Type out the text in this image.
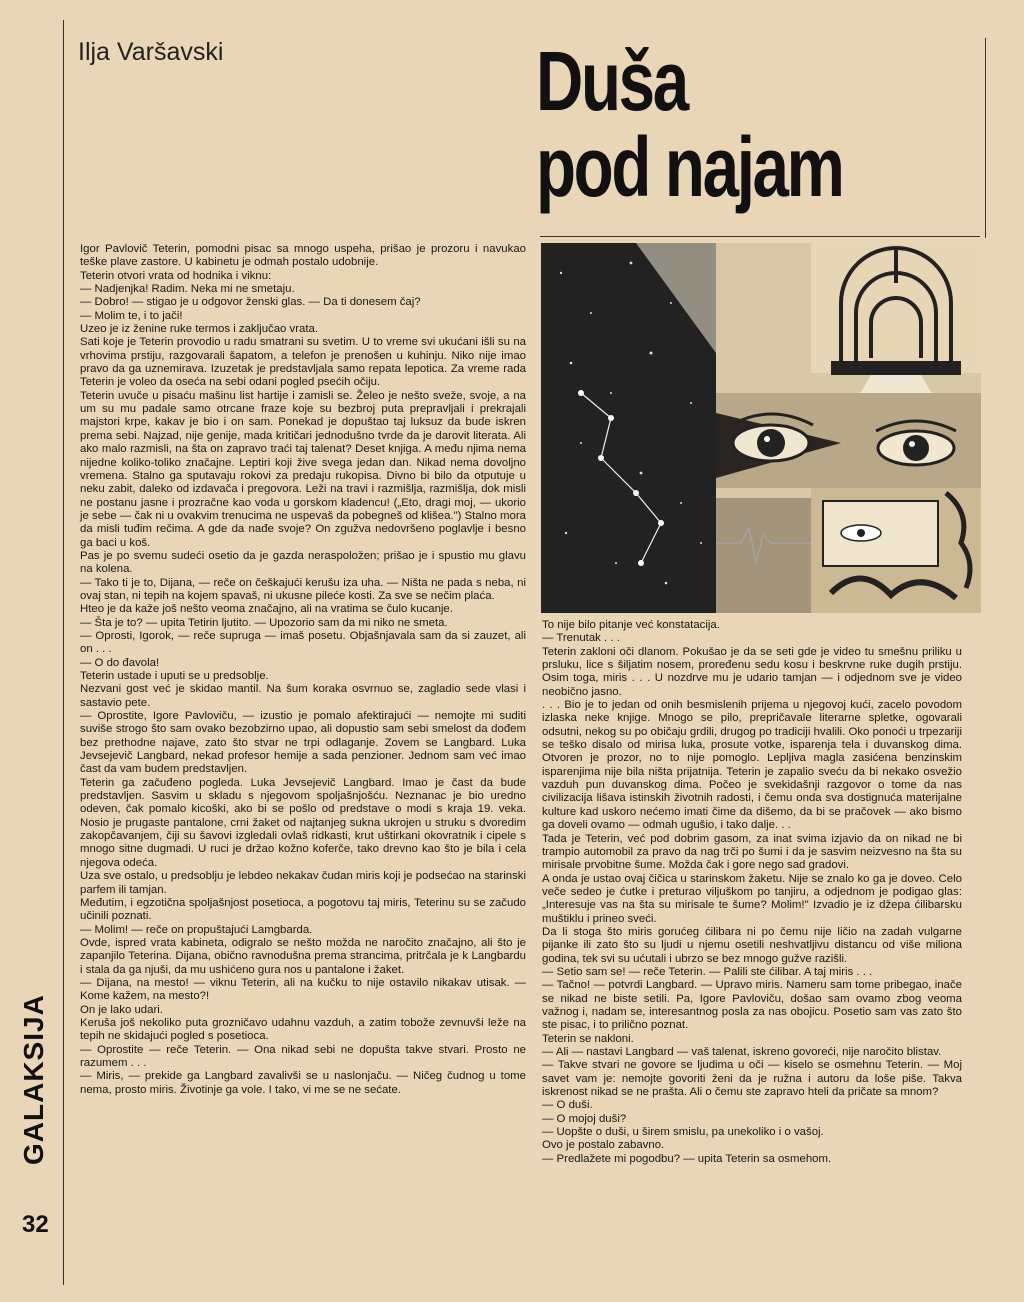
Ilja Varšavski	Duša
pod najam
GALAKSIJA
32

Igor Pavlovič Teterin, pomodni pisac sa mnogo uspeha, prišao je prozoru i navukao teške plave zastore. U kabinetu je odmah postalo udobnije.

Teterin otvori vrata od hodnika i viknu:

— Nadjenjka! Radim. Neka mi ne smetaju.

— Dobro! — stigao je u odgovor ženski glas. — Da ti donesem čaj?

— Molim te, i to jači!

Uzeo je iz ženine ruke termos i zaključao vrata.

Sati koje je Teterin provodio u radu smatrani su svetim. U to vreme svi ukućani išli su na vrhovima prstiju, razgovarali šapatom, a telefon je prenošen u kuhinju. Niko nije imao pravo da ga uznemirava. Izuzetak je predstavljala samo repata lepotica. Za vreme rada Teterin je voleo da oseća na sebi odani pogled psećih očiju.

Teterin uvuče u pisaću mašinu list hartije i zamisli se. Želeo je nešto sveže, svoje, a na um su mu padale samo otrcane fraze koje su bezbroj puta prepravljali i prekrajali majstori krpe, kakav je bio i on sam. Ponekad je dopuštao taj luksuz da bude iskren prema sebi. Najzad, nije genije, mada kritičari jednodušno tvrde da je darovit literata. Ali ako malo razmisli, na šta on zapravo traći taj talenat? Deset knjiga. A među njima nema nijedne koliko-toliko značajne. Leptiri koji žive svega jedan dan. Nikad nema dovoljno vremena. Stalno ga sputavaju rokovi za predaju rukopisa. Divno bi bilo da otputuje u neku zabit, daleko od izdavača i pregovora. Leži na travi i razmišlja, razmišlja, dok misli ne postanu jasne i prozračne kao voda u gorskom kladencu! („Eto, dragi moj, — ukorio je sebe — čak ni u ovakvim trenucima ne uspevaš da pobegneš od klišea.") Stalno mora da misli tuđim rečima. A gde da nađe svoje? On zgužva nedovršeno poglavlje i besno ga baci u koš.

Pas je po svemu sudeći osetio da je gazda neraspoložen; prišao je i spustio mu glavu na kolena.

— Tako ti je to, Dijana, — reče on češkajući kerušu iza uha. — Ništa ne pada s neba, ni ovaj stan, ni tepih na kojem spavaš, ni ukusne pileće kosti. Za sve se nečim plaća.

Hteo je da kaže još nešto veoma značajno, ali na vratima se čulo kucanje.

— Šta je to? — upita Tetirin ljutito. — Upozorio sam da mi niko ne smeta.

— Oprosti, Igorok, — reče supruga — imaš posetu. Objašnjavala sam da si zauzet, ali on . . .

— O do đavola!

Teterin ustade i uputi se u predsoblje.

Nezvani gost već je skidao mantil. Na šum koraka osvrnuo se, zagladio sede vlasi i sastavio pete.

— Oprostite, Igore Pavloviču, — izustio je pomalo afektirajući — nemojte mi suditi suviše strogo što sam ovako bezobzirno upao, ali dopustio sam sebi smelost da dođem bez prethodne najave, zato što stvar ne trpi odlaganje. Zovem se Langbard. Luka Jevsejevič Langbard, nekad profesor hemije a sada penzioner. Jednom sam već imao čast da vam budem predstavljen.

Teterin ga začuđeno pogleda. Luka Jevsejevič Langbard. Imao je čast da bude predstavljen. Sasvim u skladu s njegovom spoljašnjošću. Neznanac je bio uredno odeven, čak pomalo kicoški, ako bi se pošlo od predstave o modi s kraja 19. veka. Nosio je prugaste pantalone, crni žaket od najtanjeg sukna ukrojen u struku s dvoredim zakopčavanjem, čiji su šavovi izgledali ovlaš ridkasti, krut uštirkani okovratnik i cipele s mnogo sitne dugmadi. U ruci je držao kožno koferče, tako drevno kao što je bila i cela njegova odeća.

Uza sve ostalo, u predsoblju je lebdeo nekakav čudan miris koji je podsećao na starinski parfem ili tamjan.

Međutim, i egzotična spoljašnjost posetioca, a pogotovu taj miris, Teterinu su se začudo učinili poznati.

— Molim! — reče on propuštajući Lamgbarda.

Ovde, ispred vrata kabineta, odigralo se nešto možda ne naročito značajno, ali što je zapanjilo Teterina. Dijana, obično ravnodušna prema strancima, pritrčala je k Langbardu i stala da ga njuši, da mu ushićeno gura nos u pantalone i žaket.

— Dijana, na mesto! — viknu Teterin, ali na kučku to nije ostavilo nikakav utisak. — Kome kažem, na mesto?!

On je lako udari.

Keruša još nekoliko puta grozničavo udahnu vazduh, a zatim tobože zevnuvši leže na tepih ne skidajući pogled s posetioca.

— Oprostite — reče Teterin. — Ona nikad sebi ne dopušta takve stvari. Prosto ne razumem . . .

— Miris, — prekide ga Langbard zavalivši se u naslonjaču. — Ničeg čudnog u tome nema, prosto miris. Životinje ga vole. I tako, vi me se ne sećate.

To nije bilo pitanje već konstatacija.

— Trenutak . . .

Teterin zakloni oči dlanom. Pokušao je da se seti gde je video tu smešnu priliku u prsluku, lice s šiljatim nosem, proređenu sedu kosu i beskrvne ruke dugih prstiju. Osim toga, miris . . . U nozdrve mu je udario tamjan — i odjednom sve je video neobično jasno.

. . . Bio je to jedan od onih besmislenih prijema u njegovoj kući, zacelo povodom izlaska neke knjige. Mnogo se pilo, prepričavale literarne spletke, ogovarali odsutni, nekog su po običaju grdili, drugog po tradiciji hvalili. Oko ponoći u trpezariji se teško disalo od mirisa luka, prosute votke, isparenja tela i duvanskog dima. Otvoren je prozor, no to nije pomoglo. Lepljiva magla zasićena benzinskim isparenjima nije bila ništa prijatnija. Teterin je zapalio sveću da bi nekako osvežio vazduh pun duvanskog dima. Počeo je svekidašnji razgovor o tome da nas civilizacija lišava istinskih životnih radosti, i čemu onda sva dostignuća materijalne kulture kad uskoro nećemo imati čime da dišemo, da bi se pračovek — ako bismo ga doveli ovamo — odmah ugušio, i tako dalje. . .

Tada je Teterin, već pod dobrim gasom, za inat svima izjavio da on nikad ne bi trampio automobil za pravo da nag trči po šumi i da je sasvim neizvesno na šta su mirisale prvobitne šume. Možda čak i gore nego sad gradovi.

A onda je ustao ovaj čičica u starinskom žaketu. Nije se znalo ko ga je doveo. Celo veče sedeo je ćutke i preturao viljuškom po tanjiru, a odjednom je podigao glas: „Interesuje vas na šta su mirisale te šume? Molim!" Izvadio je iz džepa ćilibarsku muštiklu i prineo sveći.

Da li stoga što miris gorućeg ćilibara ni po čemu nije ličio na zadah vulgarne pijanke ili zato što su ljudi u njemu osetili neshvatljivu distancu od više miliona godina, tek svi su ućutali i ubrzo se bez mnogo gužve razišli.

— Setio sam se! — reče Teterin. — Palili ste ćilibar. A taj miris . . .

— Tačno! — potvrdi Langbard. — Upravo miris. Nameru sam tome pribegao, inače se nikad ne biste setili. Pa, Igore Pavloviču, došao sam ovamo zbog veoma važnog i, nadam se, interesantnog posla za nas obojicu. Posetio sam vas zato što ste pisac, i to prilično poznat.

Teterin se nakloni.

— Ali — nastavi Langbard — vaš talenat, iskreno govoreći, nije naročito blistav.

— Takve stvari ne govore se ljudima u oči — kiselo se osmehnu Teterin. — Moj savet vam je: nemojte govoriti ženi da je ružna i autoru da loše piše. Takva iskrenost nikad se ne prašta. Ali o čemu ste zapravo hteli da pričate sa mnom?

— O duši.

— O mojoj duši?

— Uopšte o duši, u širem smislu, pa unekoliko i o vašoj.

Ovo je postalo zabavno.

— Predlažete mi pogodbu? — upita Teterin sa osmehom.
